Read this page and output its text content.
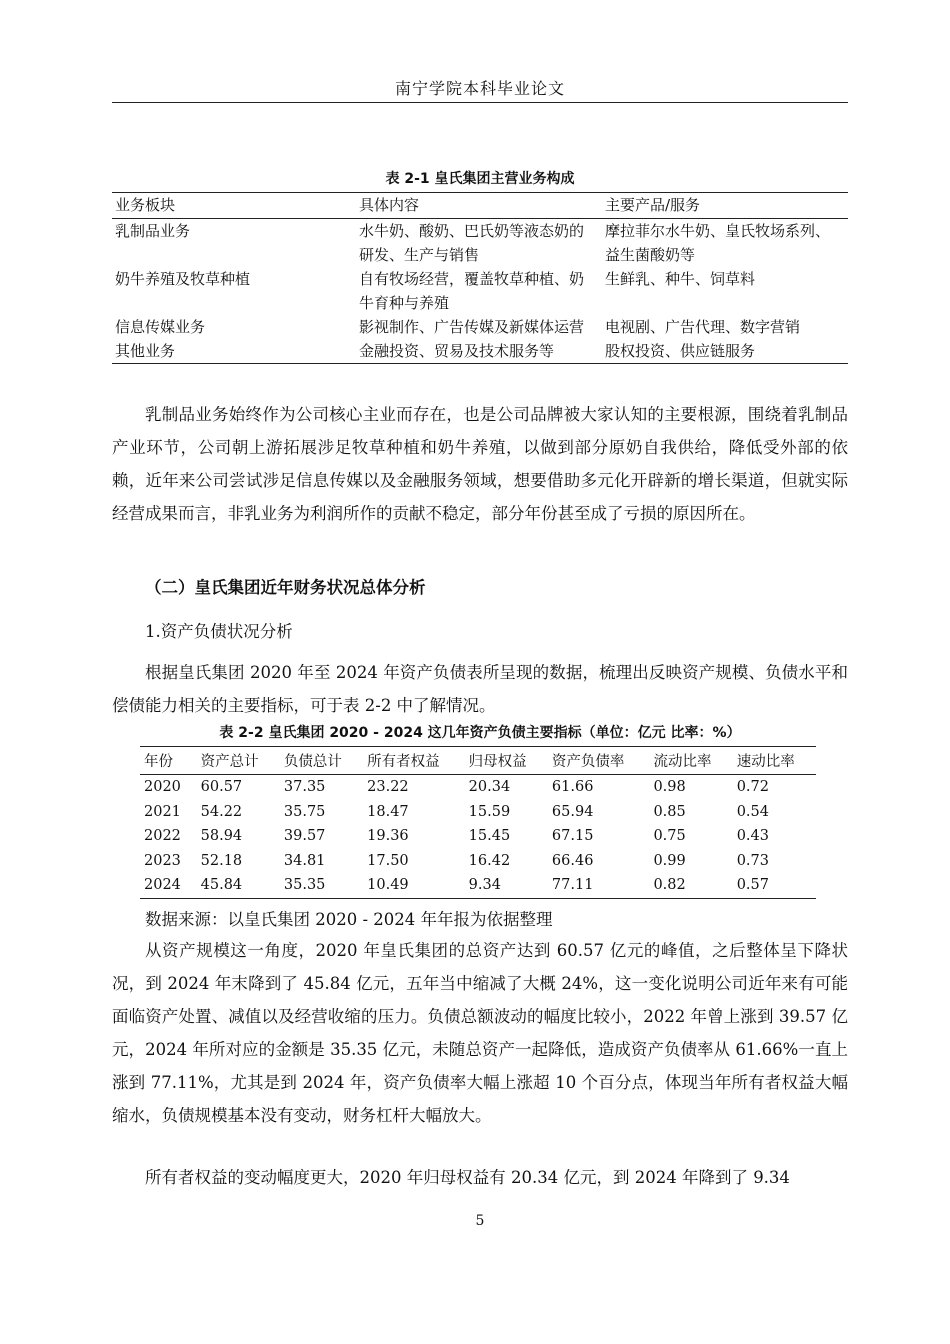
南宁学院本科毕业论文
表 2-1 皇氏集团主营业务构成
业务板块	具体内容	主要产品/服务
乳制品业务	水牛奶、酸奶、巴氏奶等液态奶的研发、生产与销售	摩拉菲尔水牛奶、皇氏牧场系列、益生菌酸奶等
奶牛养殖及牧草种植	自有牧场经营，覆盖牧草种植、奶牛育种与养殖	生鲜乳、种牛、饲草料
信息传媒业务	影视制作、广告传媒及新媒体运营	电视剧、广告代理、数字营销
其他业务	金融投资、贸易及技术服务等	股权投资、供应链服务
乳制品业务始终作为公司核心主业而存在，也是公司品牌被大家认知的主要根源，围绕着乳制品产业环节，公司朝上游拓展涉足牧草种植和奶牛养殖，以做到部分原奶自我供给，降低受外部的依赖，近年来公司尝试涉足信息传媒以及金融服务领域，想要借助多元化开辟新的增长渠道，但就实际经营成果而言，非乳业务为利润所作的贡献不稳定，部分年份甚至成了亏损的原因所在。
（二）皇氏集团近年财务状况总体分析
1.资产负债状况分析
根据皇氏集团 2020 年至 2024 年资产负债表所呈现的数据，梳理出反映资产规模、负债水平和偿债能力相关的主要指标，可于表 2-2 中了解情况。
表 2-2 皇氏集团 2020 - 2024 这几年资产负债主要指标（单位：亿元 比率：%）
年份	资产总计	负债总计	所有者权益	归母权益	资产负债率	流动比率	速动比率
2020	60.57	37.35	23.22	20.34	61.66	0.98	0.72
2021	54.22	35.75	18.47	15.59	65.94	0.85	0.54
2022	58.94	39.57	19.36	15.45	67.15	0.75	0.43
2023	52.18	34.81	17.50	16.42	66.46	0.99	0.73
2024	45.84	35.35	10.49	9.34	77.11	0.82	0.57
数据来源：以皇氏集团 2020 - 2024 年年报为依据整理
从资产规模这一角度，2020 年皇氏集团的总资产达到 60.57 亿元的峰值，之后整体呈下降状况，到 2024 年末降到了 45.84 亿元，五年当中缩减了大概 24%，这一变化说明公司近年来有可能面临资产处置、减值以及经营收缩的压力。负债总额波动的幅度比较小，2022 年曾上涨到 39.57 亿元，2024 年所对应的金额是 35.35 亿元，未随总资产一起降低，造成资产负债率从 61.66%一直上涨到 77.11%，尤其是到 2024 年，资产负债率大幅上涨超 10 个百分点，体现当年所有者权益大幅缩水，负债规模基本没有变动，财务杠杆大幅放大。
所有者权益的变动幅度更大，2020 年归母权益有 20.34 亿元，到 2024 年降到了 9.34
5
